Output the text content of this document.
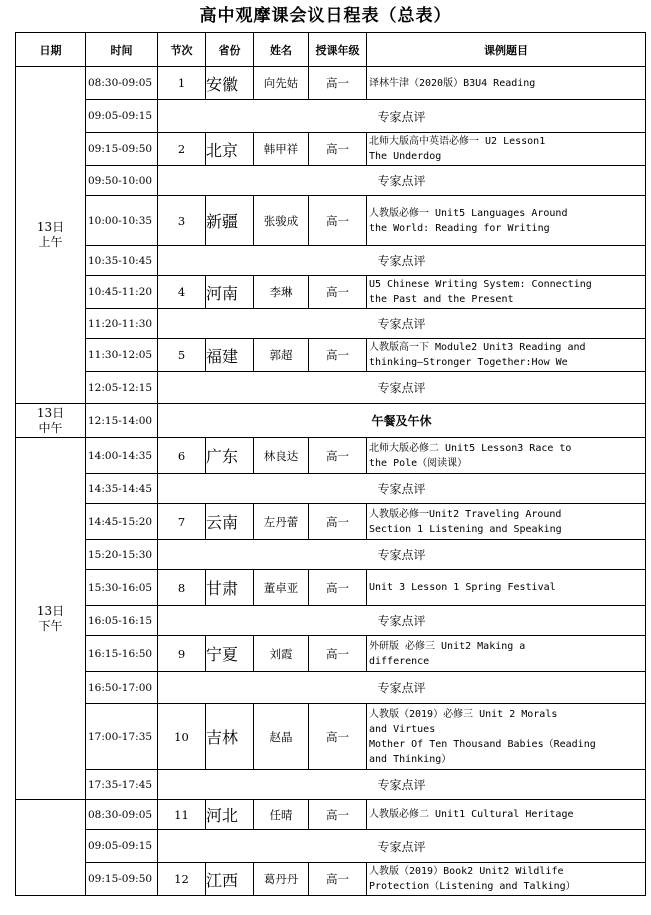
高中观摩课会议日程表（总表）
日期	时间	节次	省份	姓名	授课年级	课例题目

13日
上午	08:30-09:05	1	安徽	向先姑	高一	译林牛津（2020版）B3U4 Reading

	09:05-09:15	专家点评				
	09:15-09:50	2	北京	韩甲祥	高一	北师大版高中英语必修一 U2 Lesson1
The Underdog

	09:50-10:00	专家点评				
	10:00-10:35	3	新疆	张骏成	高一	人教版必修一 Unit5 Languages Around
the World: Reading for Writing

	10:35-10:45	专家点评				
	10:45-11:20	4	河南	李琳	高一	U5 Chinese Writing System: Connecting
the Past and the Present

	11:20-11:30	专家点评				
	11:30-12:05	5	福建	郭超	高一	人教版高一下 Module2 Unit3 Reading and
thinking—Stronger Together:How We

	12:05-12:15	专家点评				

13日
中午	12:15-14:00	午餐及午休				

13日
下午	14:00-14:35	6	广东	林良达	高一	北师大版必修二 Unit5 Lesson3 Race to
the Pole（阅读课）

	14:35-14:45	专家点评				
	14:45-15:20	7	云南	左丹蕾	高一	人教版必修一Unit2 Traveling Around
Section 1 Listening and Speaking

	15:20-15:30	专家点评				
	15:30-16:05	8	甘肃	董卓亚	高一	Unit 3 Lesson 1 Spring Festival

	16:05-16:15	专家点评				
	16:15-16:50	9	宁夏	刘霞	高一	外研版 必修三 Unit2 Making a
difference

	16:50-17:00	专家点评				
	17:00-17:35	10	吉林	赵晶	高一	人教版（2019）必修三 Unit 2 Morals
and Virtues
Mother Of Ten Thousand Babies（Reading
and Thinking）

	17:35-17:45	专家点评				
	08:30-09:05	11	河北	任晴	高一	人教版必修二 Unit1 Cultural Heritage

	09:05-09:15	专家点评				
	09:15-09:50	12	江西	葛丹丹	高一	人教版（2019）Book2 Unit2 Wildlife
Protection（Listening and Talking）
